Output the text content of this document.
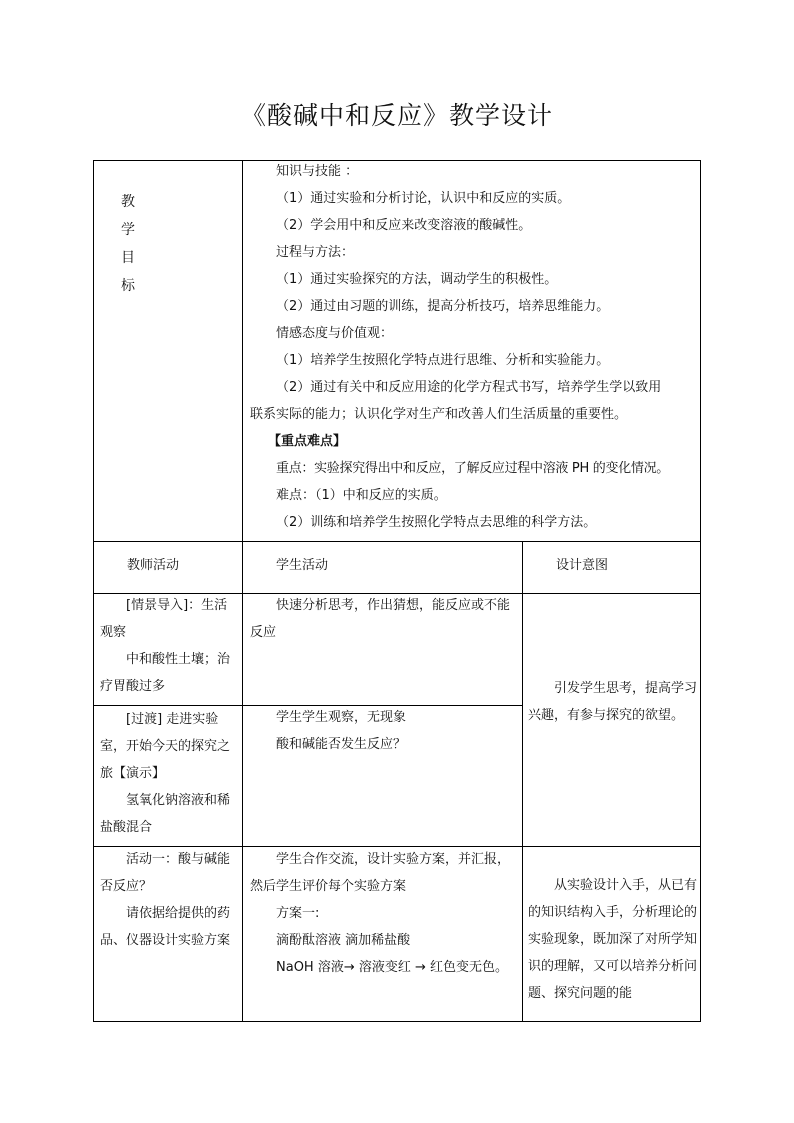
《酸碱中和反应》教学设计
教
学
目
标
知识与技能 ：
（1）通过实验和分析讨论，认识中和反应的实质。
（2）学会用中和反应来改变溶液的酸碱性。
过程与方法：
（1）通过实验探究的方法，调动学生的积极性。
（2）通过由习题的训练，提高分析技巧，培养思维能力。
情感态度与价值观：
（1）培养学生按照化学特点进行思维、分析和实验能力。
（2）通过有关中和反应用途的化学方程式书写，培养学生学以致用
联系实际的能力；认识化学对生产和改善人们生活质量的重要性。
【重点难点】
重点：实验探究得出中和反应，了解反应过程中溶液 PH 的变化情况。
难点：（1）中和反应的实质。
（2）训练和培养学生按照化学特点去思维的科学方法。
教师活动	学生活动	设计意图
[情景导入]：生活观察
中和酸性土壤；治疗胃酸过多
快速分析思考，作出猜想，能反应或不能反应
[过渡] 走进实验室，开始今天的探究之旅【演示】
氢氧化钠溶液和稀盐酸混合
学生学生观察，无现象
酸和碱能否发生反应？
引发学生思考，提高学习兴趣，有参与探究的欲望。
活动一：酸与碱能否反应？
请依据给提供的药品、仪器设计实验方案
学生合作交流，设计实验方案，并汇报，然后学生评价每个实验方案
方案一:
滴酚酞溶液 滴加稀盐酸
NaOH 溶液→ 溶液变红 → 红色变无色。
从实验设计入手，从已有的知识结构入手，分析理论的实验现象，既加深了对所学知识的理解，又可以培养分析问题、探究问题的能
